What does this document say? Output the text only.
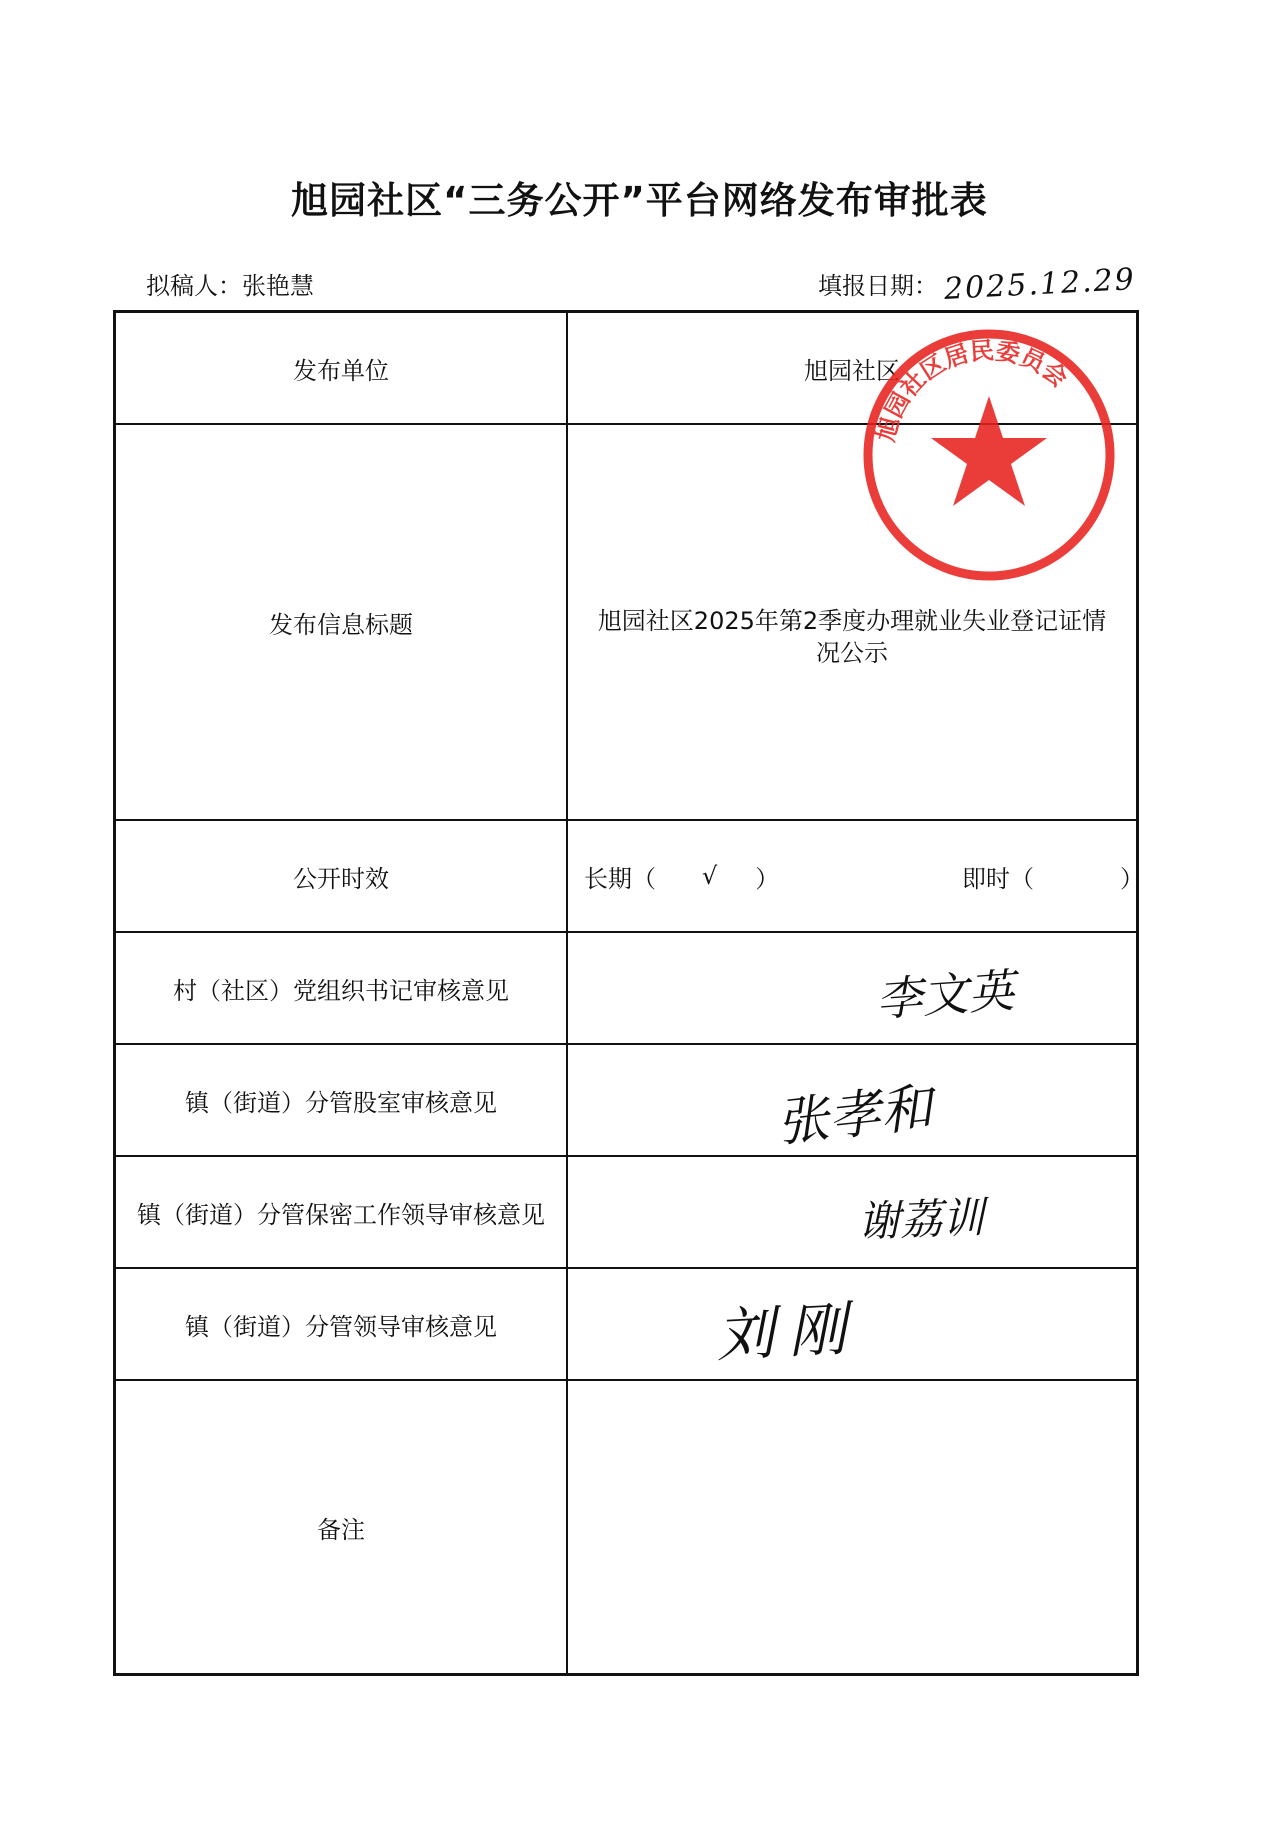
旭园社区“三务公开”平台网络发布审批表
拟稿人：张艳慧	填报日期： 2025.12.29
发布单位	旭园社区
发布信息标题	旭园社区2025年第2季度办理就业失业登记证情况公示
公开时效	长期（ √ ）	即时（	）
村（社区）党组织书记审核意见	李文英
镇（街道）分管股室审核意见	张孝和
镇（街道）分管保密工作领导审核意见	谢荔训
镇（街道）分管领导审核意见	刘刚
备注
旭园社区居民委员会
